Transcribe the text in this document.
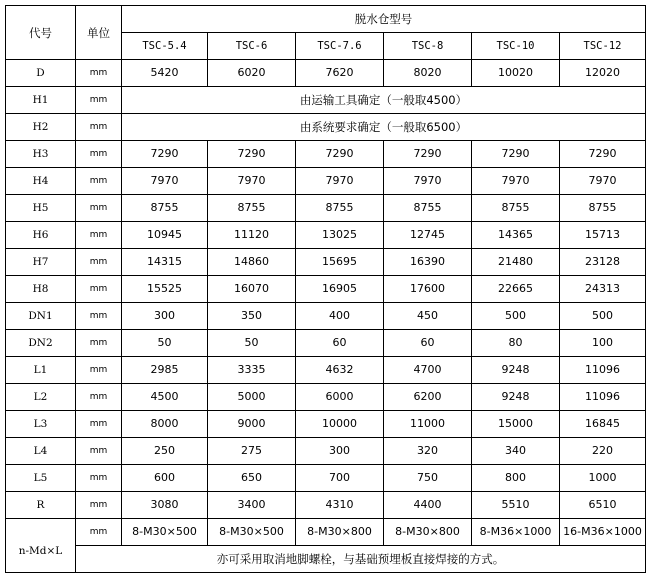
代号	单位	脱水仓型号					
		TSC-5.4	TSC-6	TSC-7.6	TSC-8	TSC-10	TSC-12
D	mm	5420	6020	7620	8020	10020	12020
H1	mm	由运输工具确定（一般取4500）					
H2	mm	由系统要求确定（一般取6500）					
H3	mm	7290	7290	7290	7290	7290	7290
H4	mm	7970	7970	7970	7970	7970	7970
H5	mm	8755	8755	8755	8755	8755	8755
H6	mm	10945	11120	13025	12745	14365	15713
H7	mm	14315	14860	15695	16390	21480	23128
H8	mm	15525	16070	16905	17600	22665	24313
DN1	mm	300	350	400	450	500	500
DN2	mm	50	50	60	60	80	100
L1	mm	2985	3335	4632	4700	9248	11096
L2	mm	4500	5000	6000	6200	9248	11096
L3	mm	8000	9000	10000	11000	15000	16845
L4	mm	250	275	300	320	340	220
L5	mm	600	650	700	750	800	1000
R	mm	3080	3400	4310	4400	5510	6510
n-Md×L	mm	8-M30×500	8-M30×500	8-M30×800	8-M30×800	8-M36×1000	16-M36×1000
	亦可采用取消地脚螺栓，与基础预埋板直接焊接的方式。						
